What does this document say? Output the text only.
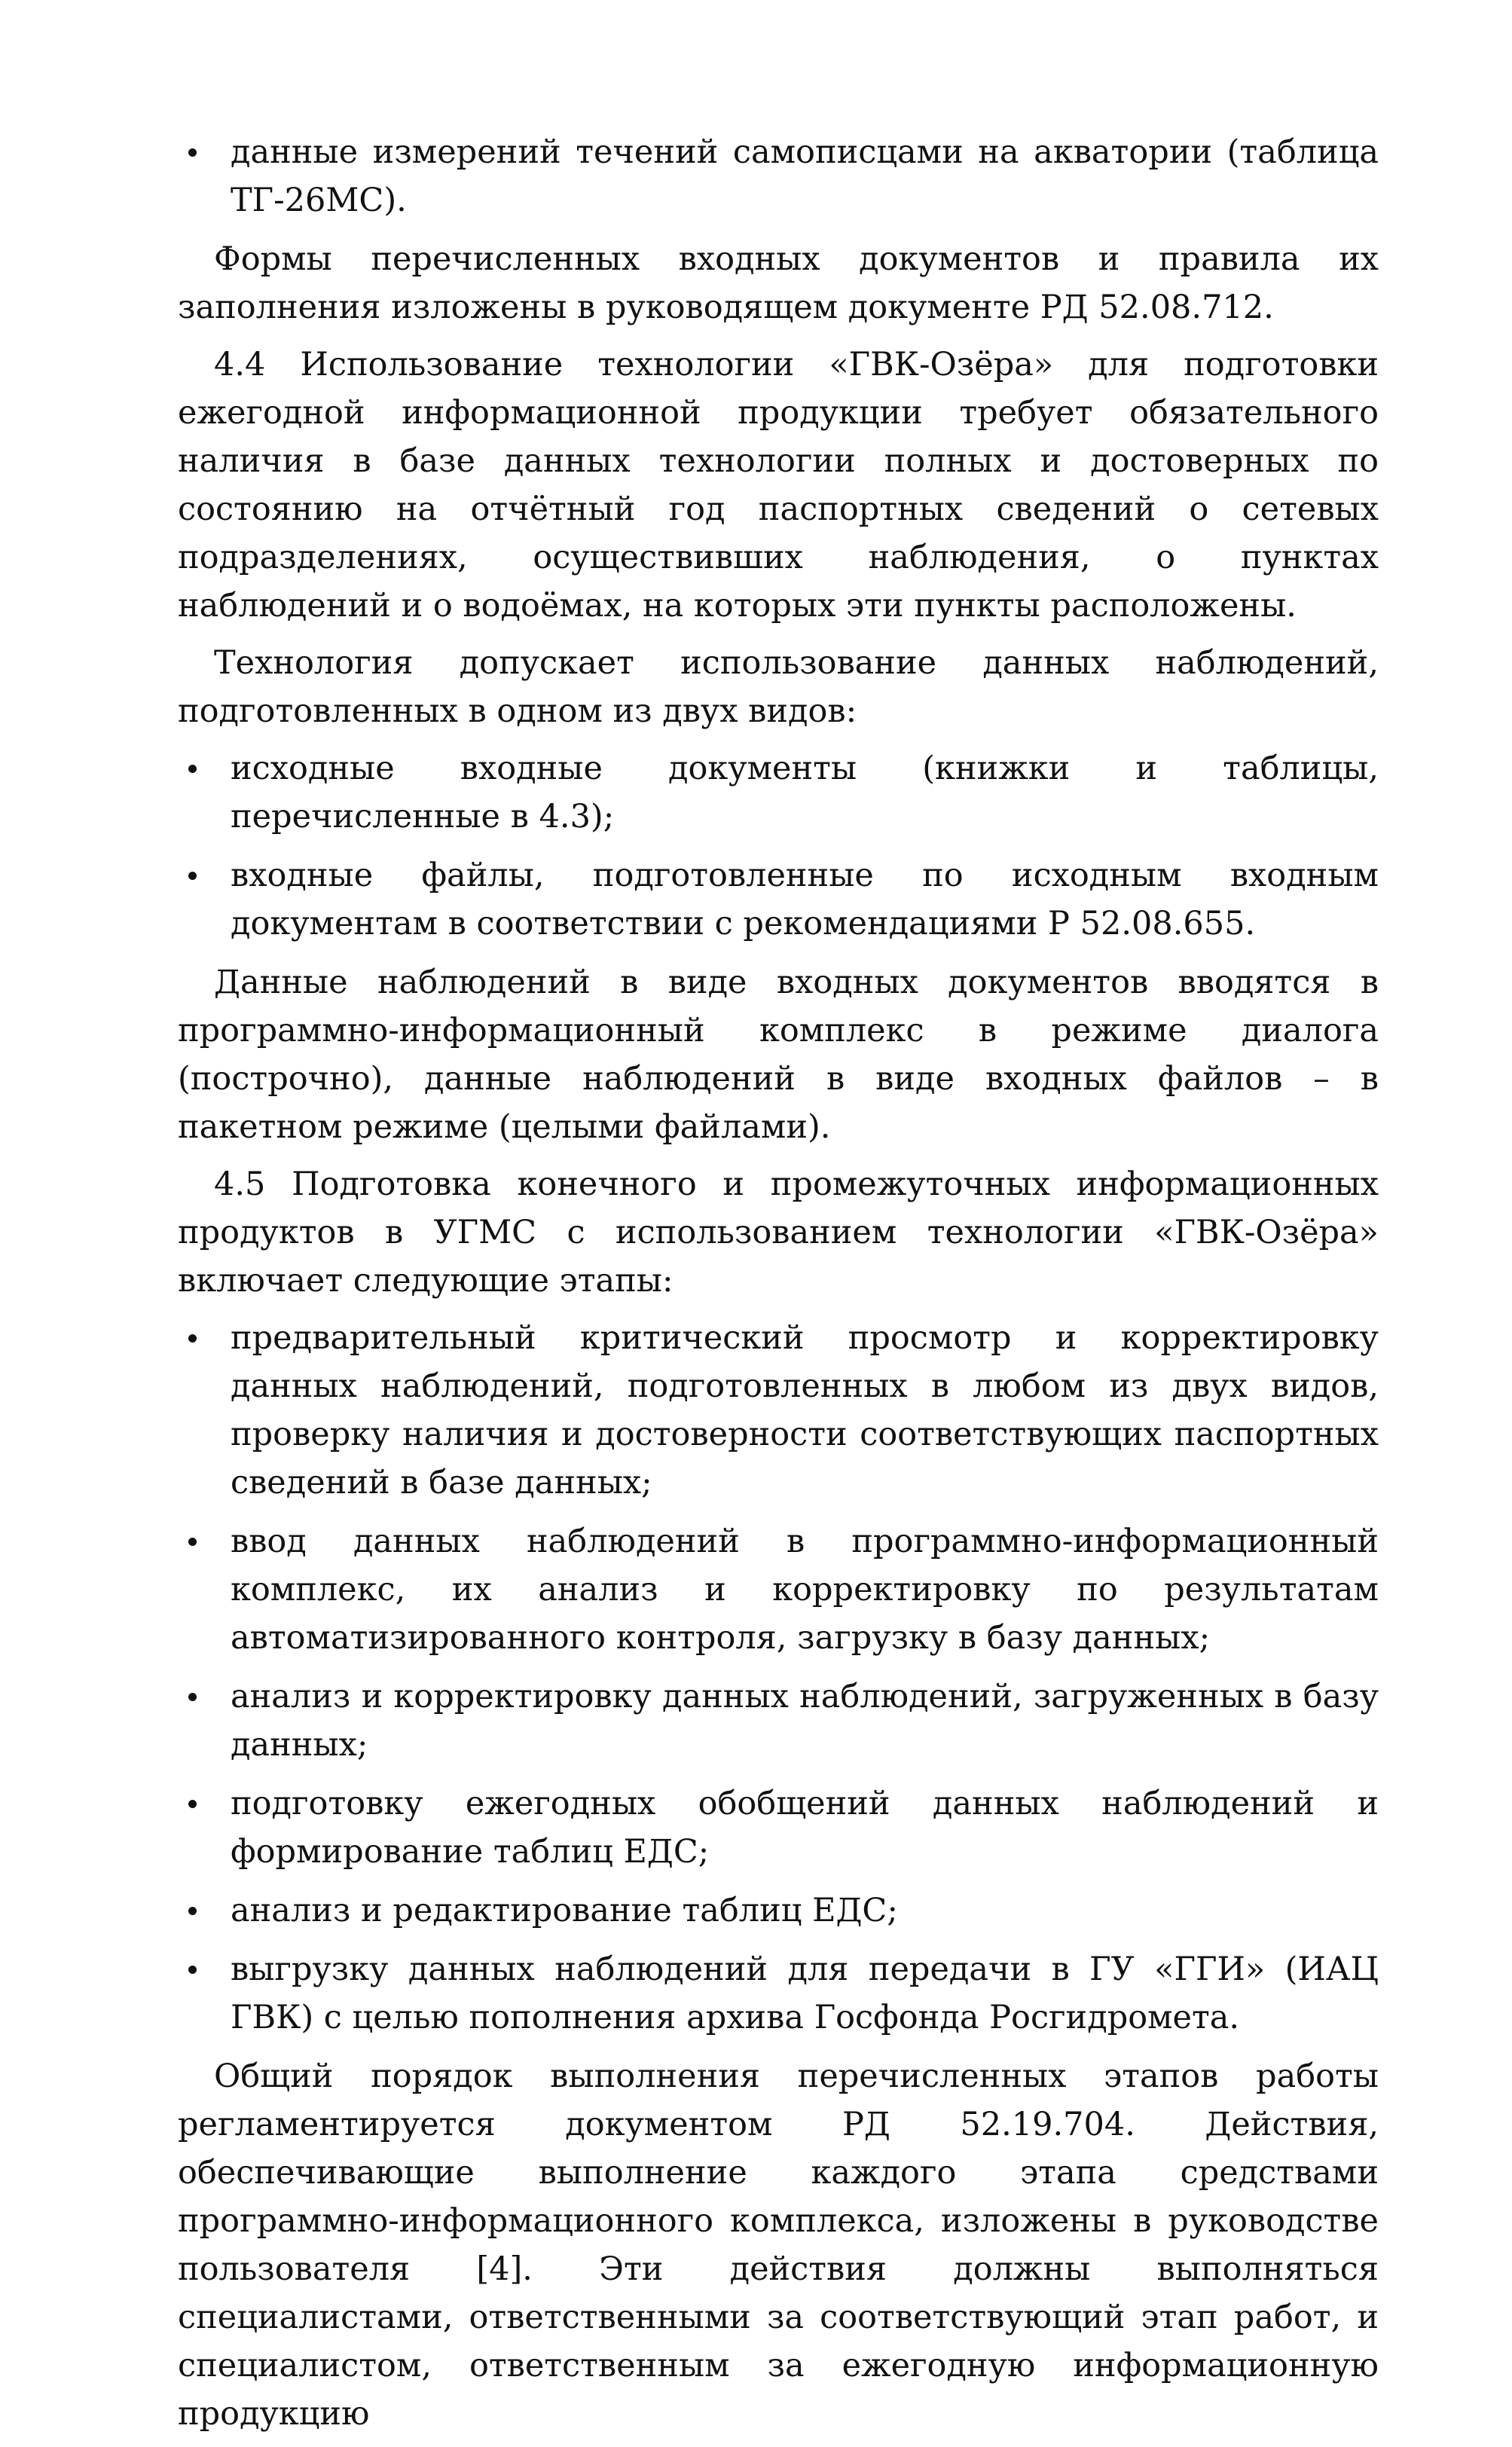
данные измерений течений самописцами на акватории (таблица ТГ-26МС).

Формы перечисленных входных документов и правила их заполнения изложены в руководящем документе РД 52.08.712.

4.4 Использование технологии «ГВК-Озёра» для подготовки ежегодной информационной продукции требует обязательного наличия в базе данных технологии полных и достоверных по состоянию на отчётный год паспортных сведений о сетевых подразделениях, осуществивших наблюдения, о пунктах наблюдений и о водоёмах, на которых эти пункты расположены.

Технология допускает использование данных наблюдений, подготовленных в одном из двух видов:

исходные входные документы (книжки и таблицы, перечисленные в 4.3);
входные файлы, подготовленные по исходным входным документам в соответствии с рекомендациями Р 52.08.655.

Данные наблюдений в виде входных документов вводятся в программно-информационный комплекс в режиме диалога (построчно), данные наблюдений в виде входных файлов – в пакетном режиме (целыми файлами).

4.5 Подготовка конечного и промежуточных информационных продуктов в УГМС с использованием технологии «ГВК-Озёра» включает следующие этапы:

предварительный критический просмотр и корректировку данных наблюдений, подготовленных в любом из двух видов, проверку наличия и достоверности соответствующих паспортных сведений в базе данных;
ввод данных наблюдений в программно-информационный комплекс, их анализ и корректировку по результатам автоматизированного контроля, загрузку в базу данных;
анализ и корректировку данных наблюдений, загруженных в базу данных;
подготовку ежегодных обобщений данных наблюдений и формирование таблиц ЕДС;
анализ и редактирование таблиц ЕДС;
выгрузку данных наблюдений для передачи в ГУ «ГГИ» (ИАЦ ГВК) с целью пополнения архива Госфонда Росгидромета.

Общий порядок выполнения перечисленных этапов работы регламентируется документом РД 52.19.704. Действия, обеспечивающие выполнение каждого этапа средствами программно-информационного комплекса, изложены в руководстве пользователя [4]. Эти действия должны выполняться специалистами, ответственными за соответствующий этап работ, и специалистом, ответственным за ежегодную информационную продукцию
